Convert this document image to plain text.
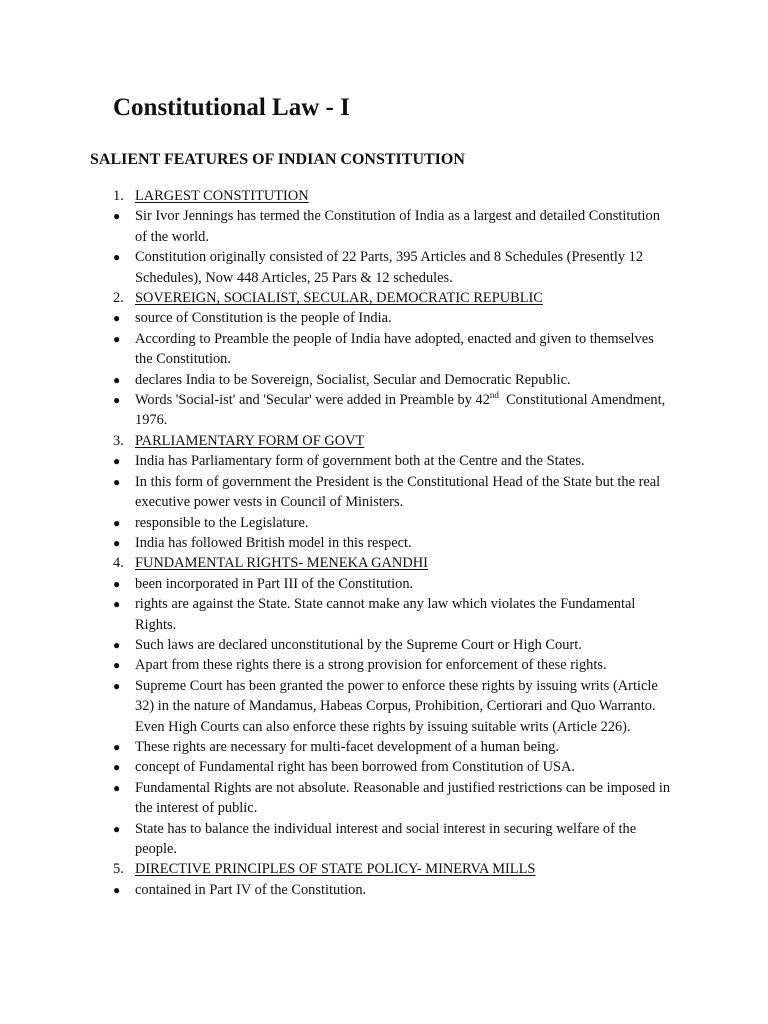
Constitutional Law - I
SALIENT FEATURES OF INDIAN CONSTITUTION
1. LARGEST CONSTITUTION
●	Sir Ivor Jennings has termed the Constitution of India as a largest and detailed Constitution of the world.
●	Constitution originally consisted of 22 Parts, 395 Articles and 8 Schedules (Presently 12 Schedules), Now 448 Articles, 25 Pars & 12 schedules.
2. SOVEREIGN, SOCIALIST, SECULAR, DEMOCRATIC REPUBLIC
●	source of Constitution is the people of India.
●	According to Preamble the people of India have adopted, enacted and given to themselves the Constitution.
●	declares India to be Sovereign, Socialist, Secular and Democratic Republic.
●	Words 'Social-ist' and 'Secular' were added in Preamble by 42nd  Constitutional Amendment, 1976.
3. PARLIAMENTARY FORM OF GOVT
●	India has Parliamentary form of government both at the Centre and the States.
●	In this form of government the President is the Constitutional Head of the State but the real executive power vests in Council of Ministers.
●	responsible to the Legislature.
●	India has followed British model in this respect.
4. FUNDAMENTAL RIGHTS- MENEKA GANDHI
●	been incorporated in Part III of the Constitution.
●	rights are against the State. State cannot make any law which violates the Fundamental Rights.
●	Such laws are declared unconstitutional by the Supreme Court or High Court.
●	Apart from these rights there is a strong provision for enforcement of these rights.
●	Supreme Court has been granted the power to enforce these rights by issuing writs (Article 32) in the nature of Mandamus, Habeas Corpus, Prohibition, Certiorari and Quo Warranto. Even High Courts can also enforce these rights by issuing suitable writs (Article 226).
●	These rights are necessary for multi-facet development of a human being.
●	concept of Fundamental right has been borrowed from Constitution of USA.
●	Fundamental Rights are not absolute. Reasonable and justified restrictions can be imposed in the interest of public.
●	State has to balance the individual interest and social interest in securing welfare of the people.
5. DIRECTIVE PRINCIPLES OF STATE POLICY- MINERVA MILLS
●	contained in Part IV of the Constitution.
